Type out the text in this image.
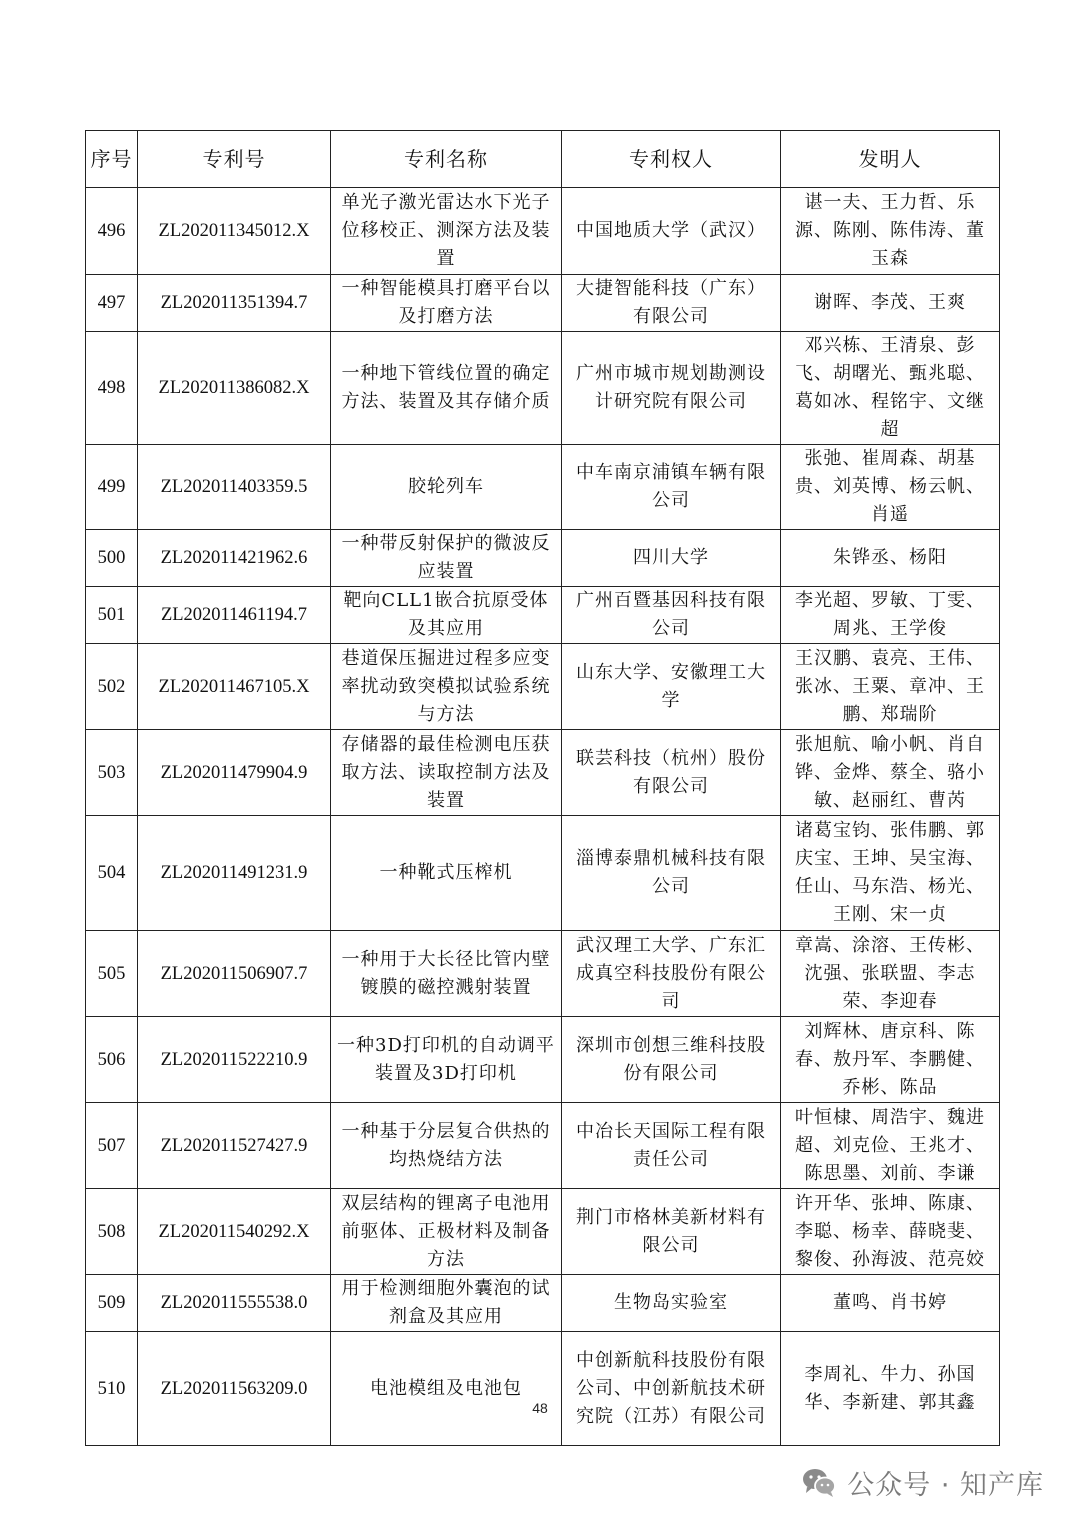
序号	专利号	专利名称	专利权人	发明人
496	ZL202011345012.X	单光子激光雷达水下光子位移校正、测深方法及装置	中国地质大学（武汉）	谌一夫、王力哲、乐源、陈刚、陈伟涛、董玉森
497	ZL202011351394.7	一种智能模具打磨平台以及打磨方法	大捷智能科技（广东）有限公司	谢晖、李茂、王爽
498	ZL202011386082.X	一种地下管线位置的确定方法、装置及其存储介质	广州市城市规划勘测设计研究院有限公司	邓兴栋、王清泉、彭飞、胡曙光、甄兆聪、葛如冰、程铭宇、文继超
499	ZL202011403359.5	胶轮列车	中车南京浦镇车辆有限公司	张弛、崔周森、胡基贵、刘英博、杨云帆、肖遥
500	ZL202011421962.6	一种带反射保护的微波反应装置	四川大学	朱铧丞、杨阳
501	ZL202011461194.7	靶向CLL1嵌合抗原受体及其应用	广州百暨基因科技有限公司	李光超、罗敏、丁雯、周兆、王学俊
502	ZL202011467105.X	巷道保压掘进过程多应变率扰动致突模拟试验系统与方法	山东大学、安徽理工大学	王汉鹏、袁亮、王伟、张冰、王粟、章冲、王鹏、郑瑞阶
503	ZL202011479904.9	存储器的最佳检测电压获取方法、读取控制方法及装置	联芸科技（杭州）股份有限公司	张旭航、喻小帆、肖自铧、金烨、蔡全、骆小敏、赵丽红、曹芮
504	ZL202011491231.9	一种靴式压榨机	淄博泰鼎机械科技有限公司	诸葛宝钧、张伟鹏、郭庆宝、王坤、吴宝海、任山、马东浩、杨光、王刚、宋一贞
505	ZL202011506907.7	一种用于大长径比管内壁镀膜的磁控溅射装置	武汉理工大学、广东汇成真空科技股份有限公司	章嵩、涂溶、王传彬、沈强、张联盟、李志荣、李迎春
506	ZL202011522210.9	一种3D打印机的自动调平装置及3D打印机	深圳市创想三维科技股份有限公司	刘辉林、唐京科、陈春、敖丹军、李鹏健、乔彬、陈品
507	ZL202011527427.9	一种基于分层复合供热的均热烧结方法	中冶长天国际工程有限责任公司	叶恒棣、周浩宇、魏进超、刘克俭、王兆才、陈思墨、刘前、李谦
508	ZL202011540292.X	双层结构的锂离子电池用前驱体、正极材料及制备方法	荆门市格林美新材料有限公司	许开华、张坤、陈康、李聪、杨幸、薛晓斐、黎俊、孙海波、范亮姣
509	ZL202011555538.0	用于检测细胞外囊泡的试剂盒及其应用	生物岛实验室	董鸣、肖书婷
510	ZL202011563209.0	电池模组及电池包	中创新航科技股份有限公司、中创新航技术研究院（江苏）有限公司	李周礼、牛力、孙国华、李新建、郭其鑫
48
公众号 · 知产库
